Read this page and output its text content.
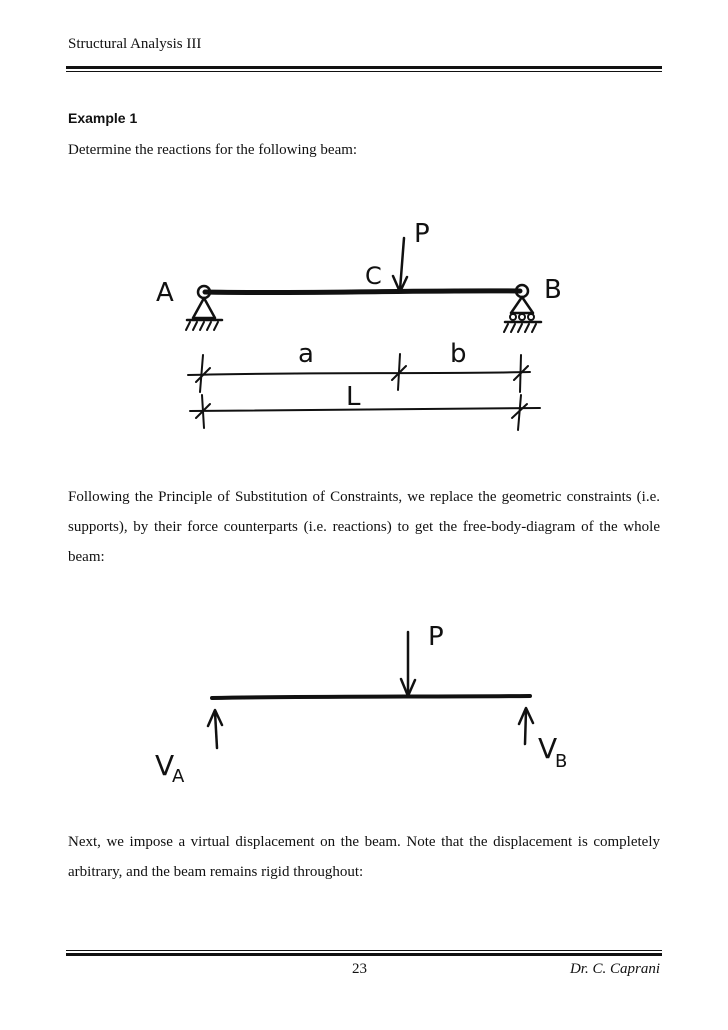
Structural Analysis III
Example 1
Determine the reactions for the following beam:
A	B
C
P
a	b
L
Following the Principle of Substitution of Constraints, we replace the geometric constraints (i.e. supports), by their force counterparts (i.e. reactions) to get the free-body-diagram of the whole beam:
P
V
A
V
B
Next, we impose a virtual displacement on the beam. Note that the displacement is completely arbitrary, and the beam remains rigid throughout:
23	Dr. C. Caprani
